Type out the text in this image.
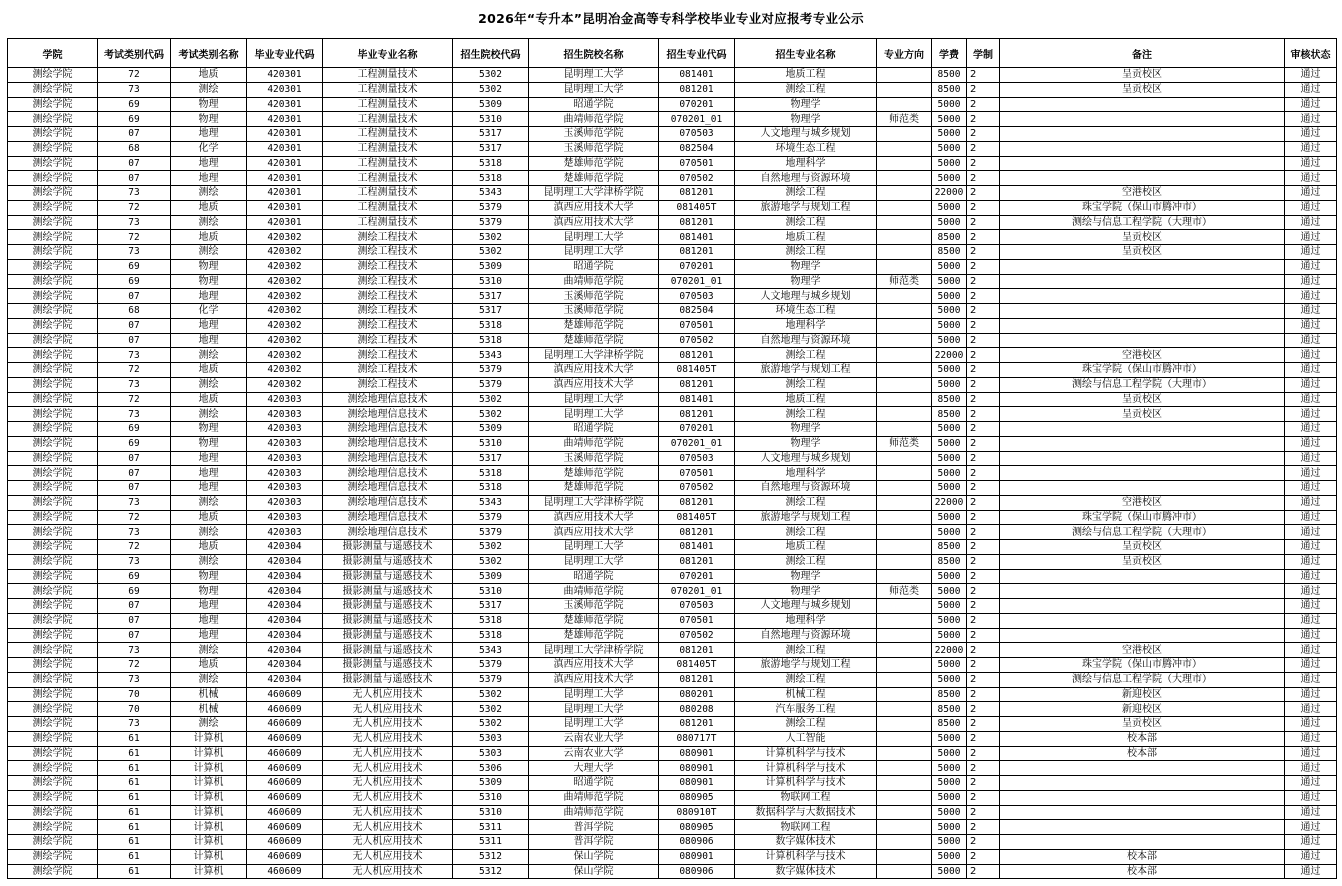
2026年“专升本”昆明冶金高等专科学校毕业专业对应报考专业公示
学院	考试类别代码	考试类别名称	毕业专业代码	毕业专业名称	招生院校代码	招生院校名称	招生专业代码	招生专业名称	专业方向	学费	学制	备注	审核状态
测绘学院	72	地质	420301	工程测量技术	5302	昆明理工大学	081401	地质工程		8500	2	呈贡校区	通过
测绘学院	73	测绘	420301	工程测量技术	5302	昆明理工大学	081201	测绘工程		8500	2	呈贡校区	通过
测绘学院	69	物理	420301	工程测量技术	5309	昭通学院	070201	物理学		5000	2		通过
测绘学院	69	物理	420301	工程测量技术	5310	曲靖师范学院	070201_01	物理学	师范类	5000	2		通过
测绘学院	07	地理	420301	工程测量技术	5317	玉溪师范学院	070503	人文地理与城乡规划		5000	2		通过
测绘学院	68	化学	420301	工程测量技术	5317	玉溪师范学院	082504	环境生态工程		5000	2		通过
测绘学院	07	地理	420301	工程测量技术	5318	楚雄师范学院	070501	地理科学		5000	2		通过
测绘学院	07	地理	420301	工程测量技术	5318	楚雄师范学院	070502	自然地理与资源环境		5000	2		通过
测绘学院	73	测绘	420301	工程测量技术	5343	昆明理工大学津桥学院	081201	测绘工程		22000	2	空港校区	通过
测绘学院	72	地质	420301	工程测量技术	5379	滇西应用技术大学	081405T	旅游地学与规划工程		5000	2	珠宝学院（保山市腾冲市）	通过
测绘学院	73	测绘	420301	工程测量技术	5379	滇西应用技术大学	081201	测绘工程		5000	2	测绘与信息工程学院（大理市）	通过
测绘学院	72	地质	420302	测绘工程技术	5302	昆明理工大学	081401	地质工程		8500	2	呈贡校区	通过
测绘学院	73	测绘	420302	测绘工程技术	5302	昆明理工大学	081201	测绘工程		8500	2	呈贡校区	通过
测绘学院	69	物理	420302	测绘工程技术	5309	昭通学院	070201	物理学		5000	2		通过
测绘学院	69	物理	420302	测绘工程技术	5310	曲靖师范学院	070201_01	物理学	师范类	5000	2		通过
测绘学院	07	地理	420302	测绘工程技术	5317	玉溪师范学院	070503	人文地理与城乡规划		5000	2		通过
测绘学院	68	化学	420302	测绘工程技术	5317	玉溪师范学院	082504	环境生态工程		5000	2		通过
测绘学院	07	地理	420302	测绘工程技术	5318	楚雄师范学院	070501	地理科学		5000	2		通过
测绘学院	07	地理	420302	测绘工程技术	5318	楚雄师范学院	070502	自然地理与资源环境		5000	2		通过
测绘学院	73	测绘	420302	测绘工程技术	5343	昆明理工大学津桥学院	081201	测绘工程		22000	2	空港校区	通过
测绘学院	72	地质	420302	测绘工程技术	5379	滇西应用技术大学	081405T	旅游地学与规划工程		5000	2	珠宝学院（保山市腾冲市）	通过
测绘学院	73	测绘	420302	测绘工程技术	5379	滇西应用技术大学	081201	测绘工程		5000	2	测绘与信息工程学院（大理市）	通过
测绘学院	72	地质	420303	测绘地理信息技术	5302	昆明理工大学	081401	地质工程		8500	2	呈贡校区	通过
测绘学院	73	测绘	420303	测绘地理信息技术	5302	昆明理工大学	081201	测绘工程		8500	2	呈贡校区	通过
测绘学院	69	物理	420303	测绘地理信息技术	5309	昭通学院	070201	物理学		5000	2		通过
测绘学院	69	物理	420303	测绘地理信息技术	5310	曲靖师范学院	070201_01	物理学	师范类	5000	2		通过
测绘学院	07	地理	420303	测绘地理信息技术	5317	玉溪师范学院	070503	人文地理与城乡规划		5000	2		通过
测绘学院	07	地理	420303	测绘地理信息技术	5318	楚雄师范学院	070501	地理科学		5000	2		通过
测绘学院	07	地理	420303	测绘地理信息技术	5318	楚雄师范学院	070502	自然地理与资源环境		5000	2		通过
测绘学院	73	测绘	420303	测绘地理信息技术	5343	昆明理工大学津桥学院	081201	测绘工程		22000	2	空港校区	通过
测绘学院	72	地质	420303	测绘地理信息技术	5379	滇西应用技术大学	081405T	旅游地学与规划工程		5000	2	珠宝学院（保山市腾冲市）	通过
测绘学院	73	测绘	420303	测绘地理信息技术	5379	滇西应用技术大学	081201	测绘工程		5000	2	测绘与信息工程学院（大理市）	通过
测绘学院	72	地质	420304	摄影测量与遥感技术	5302	昆明理工大学	081401	地质工程		8500	2	呈贡校区	通过
测绘学院	73	测绘	420304	摄影测量与遥感技术	5302	昆明理工大学	081201	测绘工程		8500	2	呈贡校区	通过
测绘学院	69	物理	420304	摄影测量与遥感技术	5309	昭通学院	070201	物理学		5000	2		通过
测绘学院	69	物理	420304	摄影测量与遥感技术	5310	曲靖师范学院	070201_01	物理学	师范类	5000	2		通过
测绘学院	07	地理	420304	摄影测量与遥感技术	5317	玉溪师范学院	070503	人文地理与城乡规划		5000	2		通过
测绘学院	07	地理	420304	摄影测量与遥感技术	5318	楚雄师范学院	070501	地理科学		5000	2		通过
测绘学院	07	地理	420304	摄影测量与遥感技术	5318	楚雄师范学院	070502	自然地理与资源环境		5000	2		通过
测绘学院	73	测绘	420304	摄影测量与遥感技术	5343	昆明理工大学津桥学院	081201	测绘工程		22000	2	空港校区	通过
测绘学院	72	地质	420304	摄影测量与遥感技术	5379	滇西应用技术大学	081405T	旅游地学与规划工程		5000	2	珠宝学院（保山市腾冲市）	通过
测绘学院	73	测绘	420304	摄影测量与遥感技术	5379	滇西应用技术大学	081201	测绘工程		5000	2	测绘与信息工程学院（大理市）	通过
测绘学院	70	机械	460609	无人机应用技术	5302	昆明理工大学	080201	机械工程		8500	2	新迎校区	通过
测绘学院	70	机械	460609	无人机应用技术	5302	昆明理工大学	080208	汽车服务工程		8500	2	新迎校区	通过
测绘学院	73	测绘	460609	无人机应用技术	5302	昆明理工大学	081201	测绘工程		8500	2	呈贡校区	通过
测绘学院	61	计算机	460609	无人机应用技术	5303	云南农业大学	080717T	人工智能		5000	2	校本部	通过
测绘学院	61	计算机	460609	无人机应用技术	5303	云南农业大学	080901	计算机科学与技术		5000	2	校本部	通过
测绘学院	61	计算机	460609	无人机应用技术	5306	大理大学	080901	计算机科学与技术		5000	2		通过
测绘学院	61	计算机	460609	无人机应用技术	5309	昭通学院	080901	计算机科学与技术		5000	2		通过
测绘学院	61	计算机	460609	无人机应用技术	5310	曲靖师范学院	080905	物联网工程		5000	2		通过
测绘学院	61	计算机	460609	无人机应用技术	5310	曲靖师范学院	080910T	数据科学与大数据技术		5000	2		通过
测绘学院	61	计算机	460609	无人机应用技术	5311	普洱学院	080905	物联网工程		5000	2		通过
测绘学院	61	计算机	460609	无人机应用技术	5311	普洱学院	080906	数字媒体技术		5000	2		通过
测绘学院	61	计算机	460609	无人机应用技术	5312	保山学院	080901	计算机科学与技术		5000	2	校本部	通过
测绘学院	61	计算机	460609	无人机应用技术	5312	保山学院	080906	数字媒体技术		5000	2	校本部	通过
